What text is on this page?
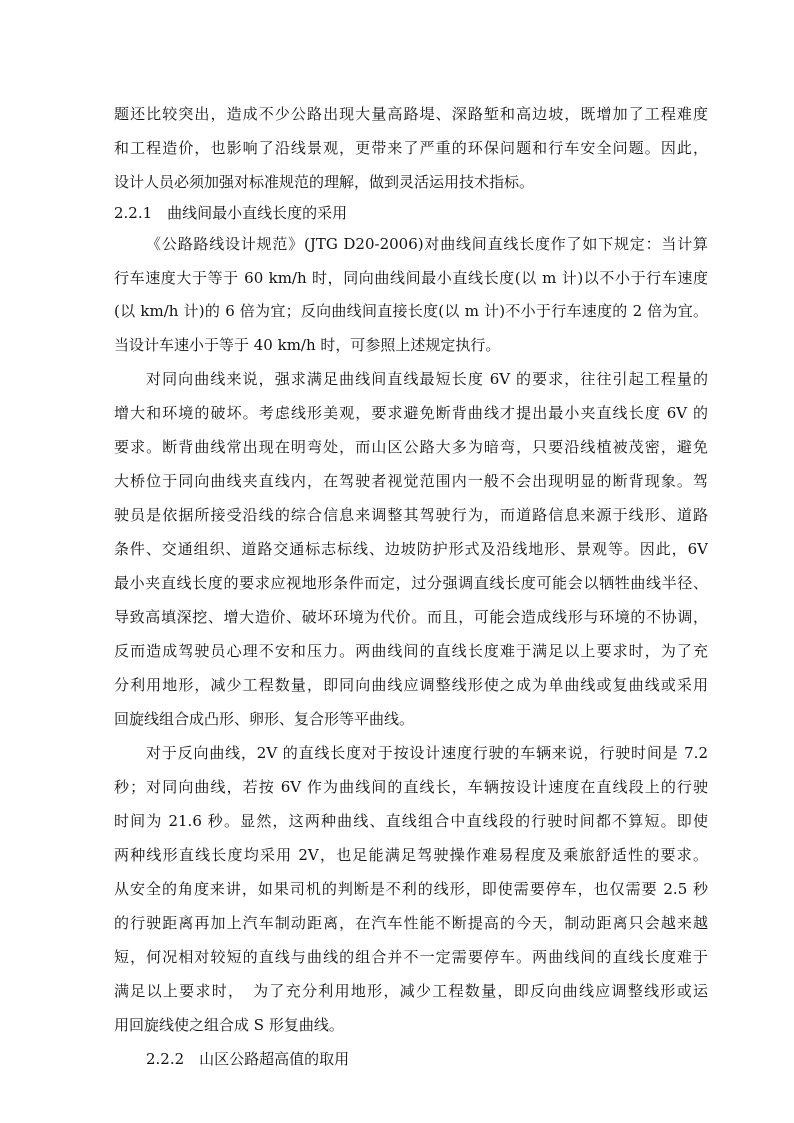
题还比较突出，造成不少公路出现大量高路堤、深路堑和高边坡，既增加了工程难度
和工程造价，也影响了沿线景观，更带来了严重的环保问题和行车安全问题。因此，
设计人员必须加强对标准规范的理解，做到灵活运用技术指标。
2.2.1　曲线间最小直线长度的采用
《公路路线设计规范》(JTG D20-2006)对曲线间直线长度作了如下规定：当计算
行车速度大于等于 60 km/h 时，同向曲线间最小直线长度(以 m 计)以不小于行车速度
(以 km/h 计)的 6 倍为宜；反向曲线间直接长度(以 m 计)不小于行车速度的 2 倍为宜。
当设计车速小于等于 40 km/h 时，可参照上述规定执行。
对同向曲线来说，强求满足曲线间直线最短长度 6V 的要求，往往引起工程量的
增大和环境的破坏。考虑线形美观，要求避免断背曲线才提出最小夹直线长度 6V 的
要求。断背曲线常出现在明弯处，而山区公路大多为暗弯，只要沿线植被茂密，避免
大桥位于同向曲线夹直线内，在驾驶者视觉范围内一般不会出现明显的断背现象。驾
驶员是依据所接受沿线的综合信息来调整其驾驶行为，而道路信息来源于线形、道路
条件、交通组织、道路交通标志标线、边坡防护形式及沿线地形、景观等。因此，6V
最小夹直线长度的要求应视地形条件而定，过分强调直线长度可能会以牺牲曲线半径、
导致高填深挖、增大造价、破坏环境为代价。而且，可能会造成线形与环境的不协调，
反而造成驾驶员心理不安和压力。两曲线间的直线长度难于满足以上要求时，为了充
分利用地形，减少工程数量，即同向曲线应调整线形使之成为单曲线或复曲线或采用
回旋线组合成凸形、卵形、复合形等平曲线。
对于反向曲线，2V 的直线长度对于按设计速度行驶的车辆来说，行驶时间是 7.2
秒；对同向曲线，若按 6V 作为曲线间的直线长，车辆按设计速度在直线段上的行驶
时间为 21.6 秒。显然，这两种曲线、直线组合中直线段的行驶时间都不算短。即使
两种线形直线长度均采用 2V，也足能满足驾驶操作难易程度及乘旅舒适性的要求。
从安全的角度来讲，如果司机的判断是不利的线形，即使需要停车，也仅需要 2.5 秒
的行驶距离再加上汽车制动距离，在汽车性能不断提高的今天，制动距离只会越来越
短，何况相对较短的直线与曲线的组合并不一定需要停车。两曲线间的直线长度难于
满足以上要求时，　为了充分利用地形，减少工程数量，即反向曲线应调整线形或运
用回旋线使之组合成 S 形复曲线。
2.2.2　山区公路超高值的取用
